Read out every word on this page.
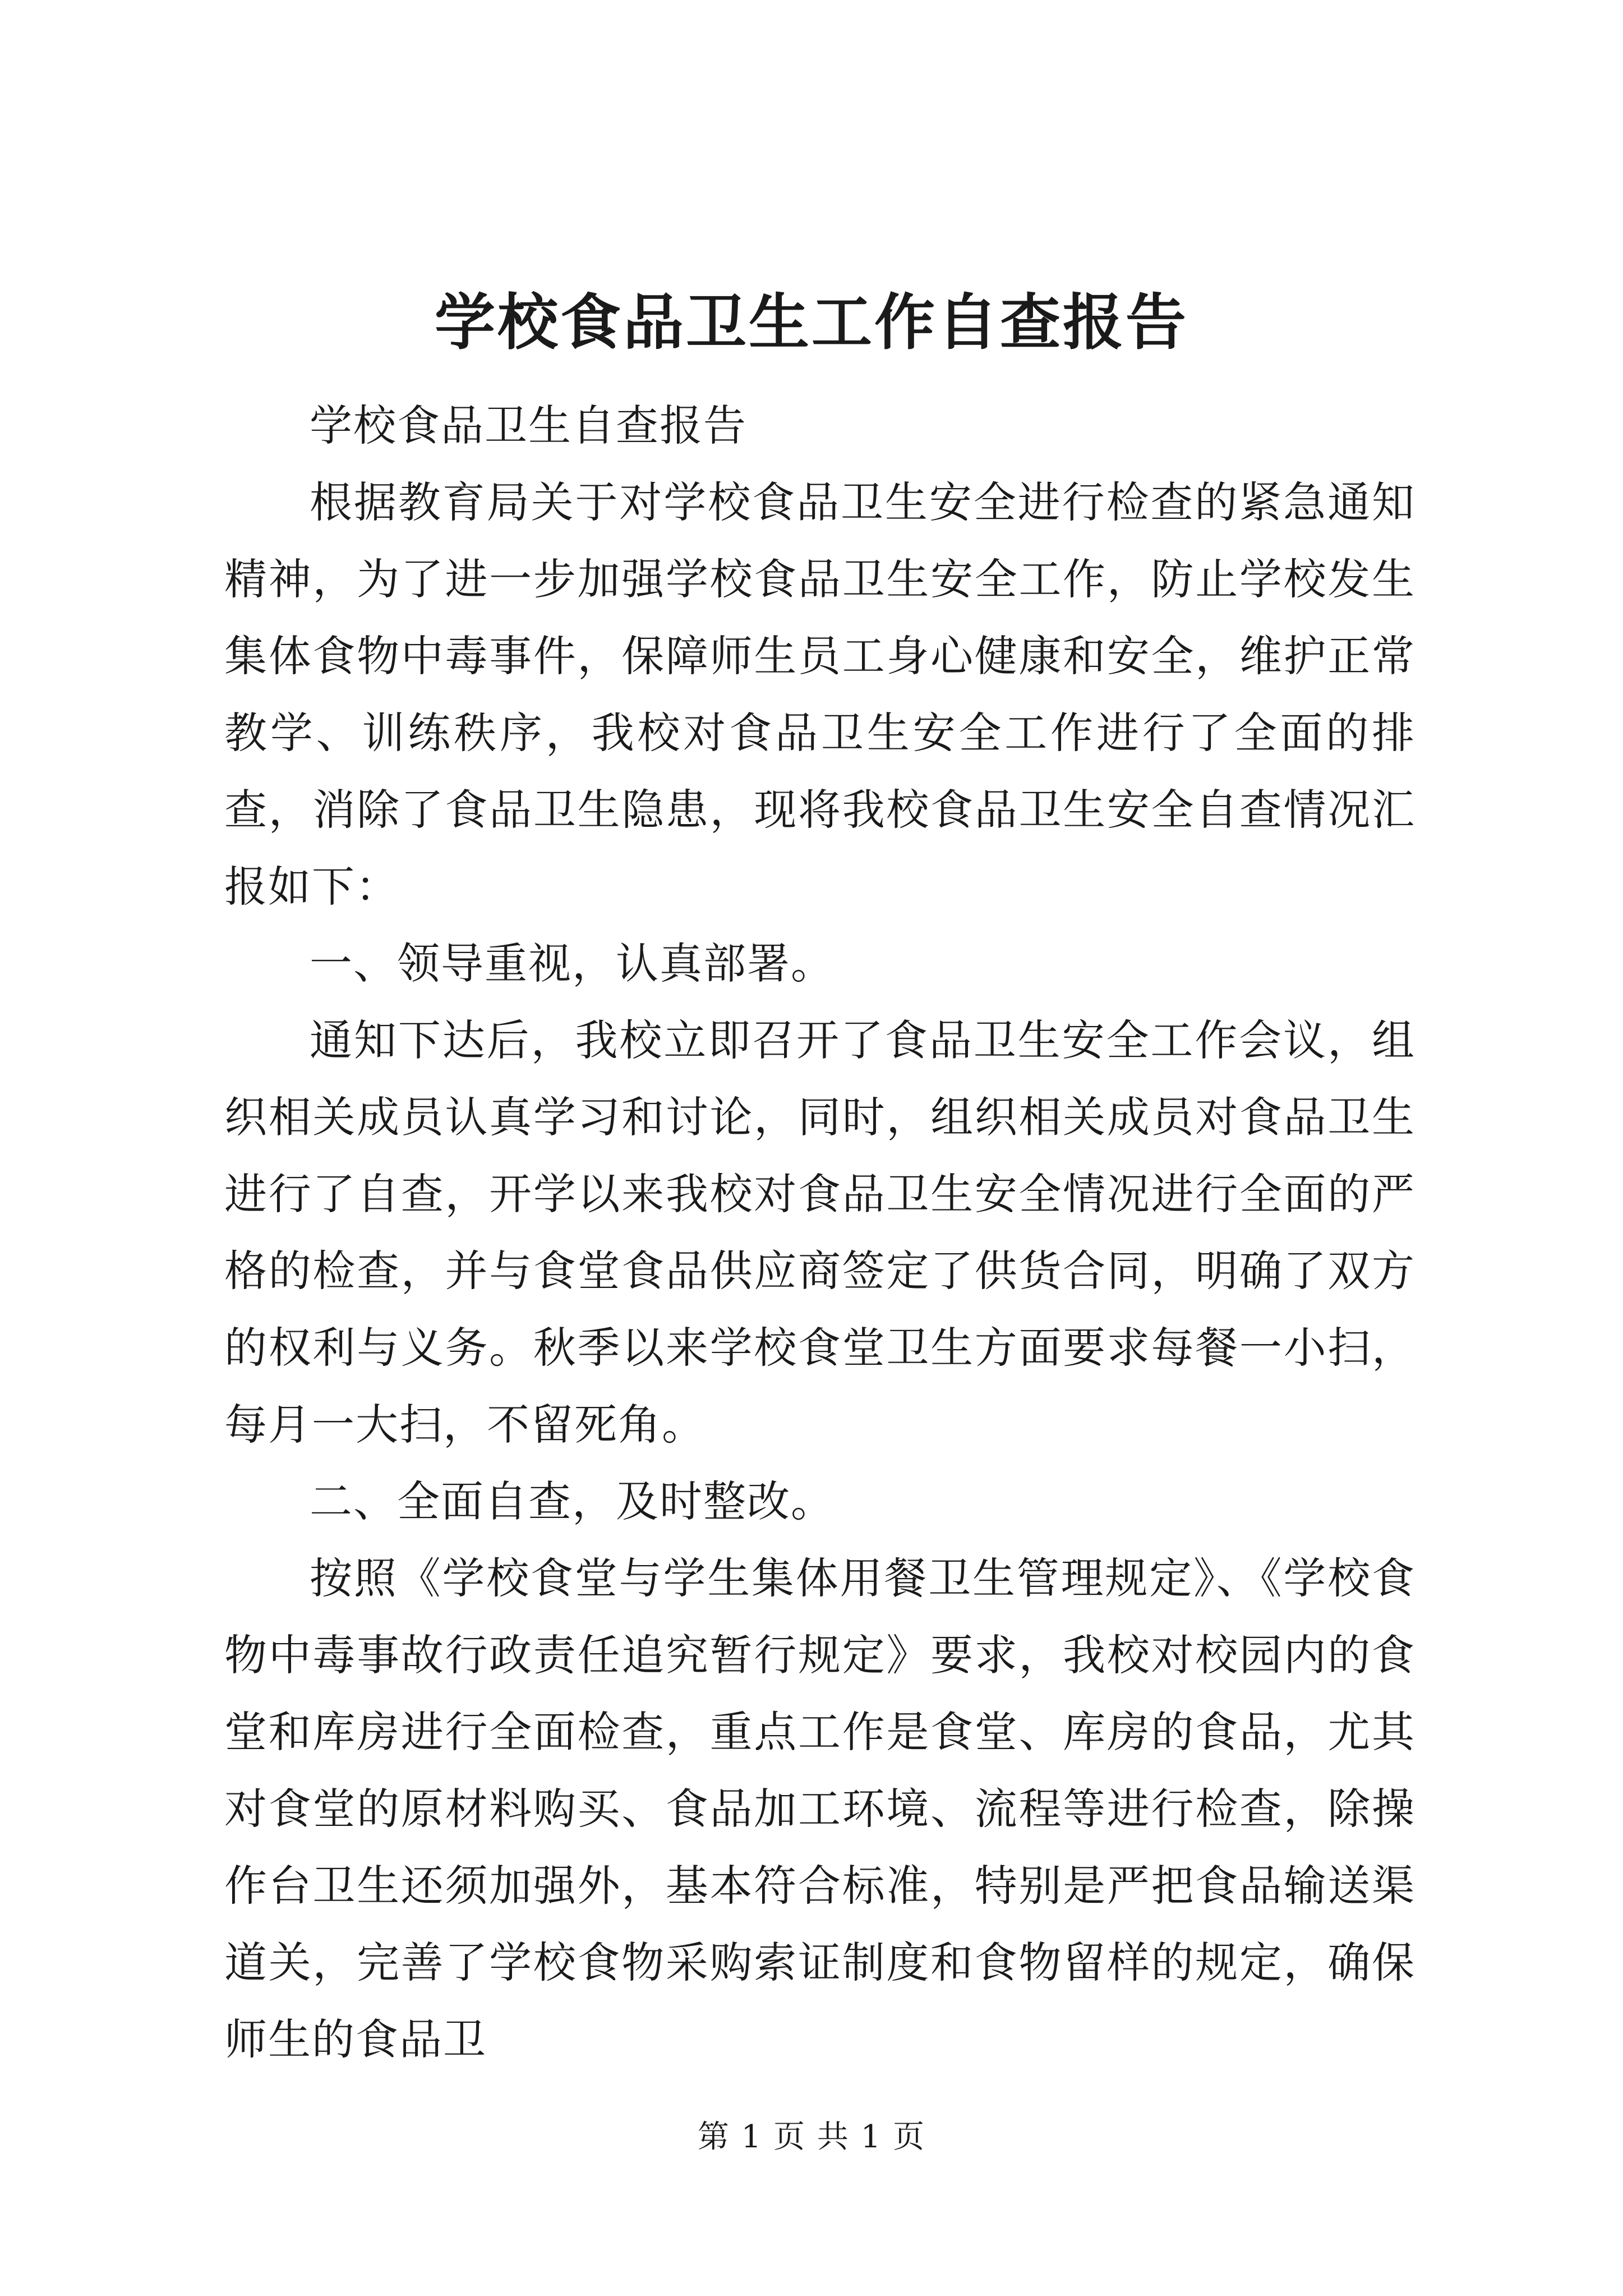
学校食品卫生工作自查报告

学校食品卫生自查报告

根据教育局关于对学校食品卫生安全进行检查的紧急通知精神，为了进一步加强学校食品卫生安全工作，防止学校发生集体食物中毒事件，保障师生员工身心健康和安全，维护正常教学、训练秩序，我校对食品卫生安全工作进行了全面的排查，消除了食品卫生隐患，现将我校食品卫生安全自查情况汇报如下：

一、领导重视，认真部署。

通知下达后，我校立即召开了食品卫生安全工作会议，组织相关成员认真学习和讨论，同时，组织相关成员对食品卫生进行了自查，开学以来我校对食品卫生安全情况进行全面的严格的检查，并与食堂食品供应商签定了供货合同，明确了双方的权利与义务。秋季以来学校食堂卫生方面要求每餐一小扫，每月一大扫，不留死角。

二、全面自查，及时整改。

按照《学校食堂与学生集体用餐卫生管理规定》、《学校食物中毒事故行政责任追究暂行规定》要求，我校对校园内的食堂和库房进行全面检查，重点工作是食堂、库房的食品，尤其对食堂的原材料购买、食品加工环境、流程等进行检查，除操作台卫生还须加强外，基本符合标准，特别是严把食品输送渠道关，完善了学校食物采购索证制度和食物留样的规定，确保师生的食品卫

第 1 页 共 1 页
